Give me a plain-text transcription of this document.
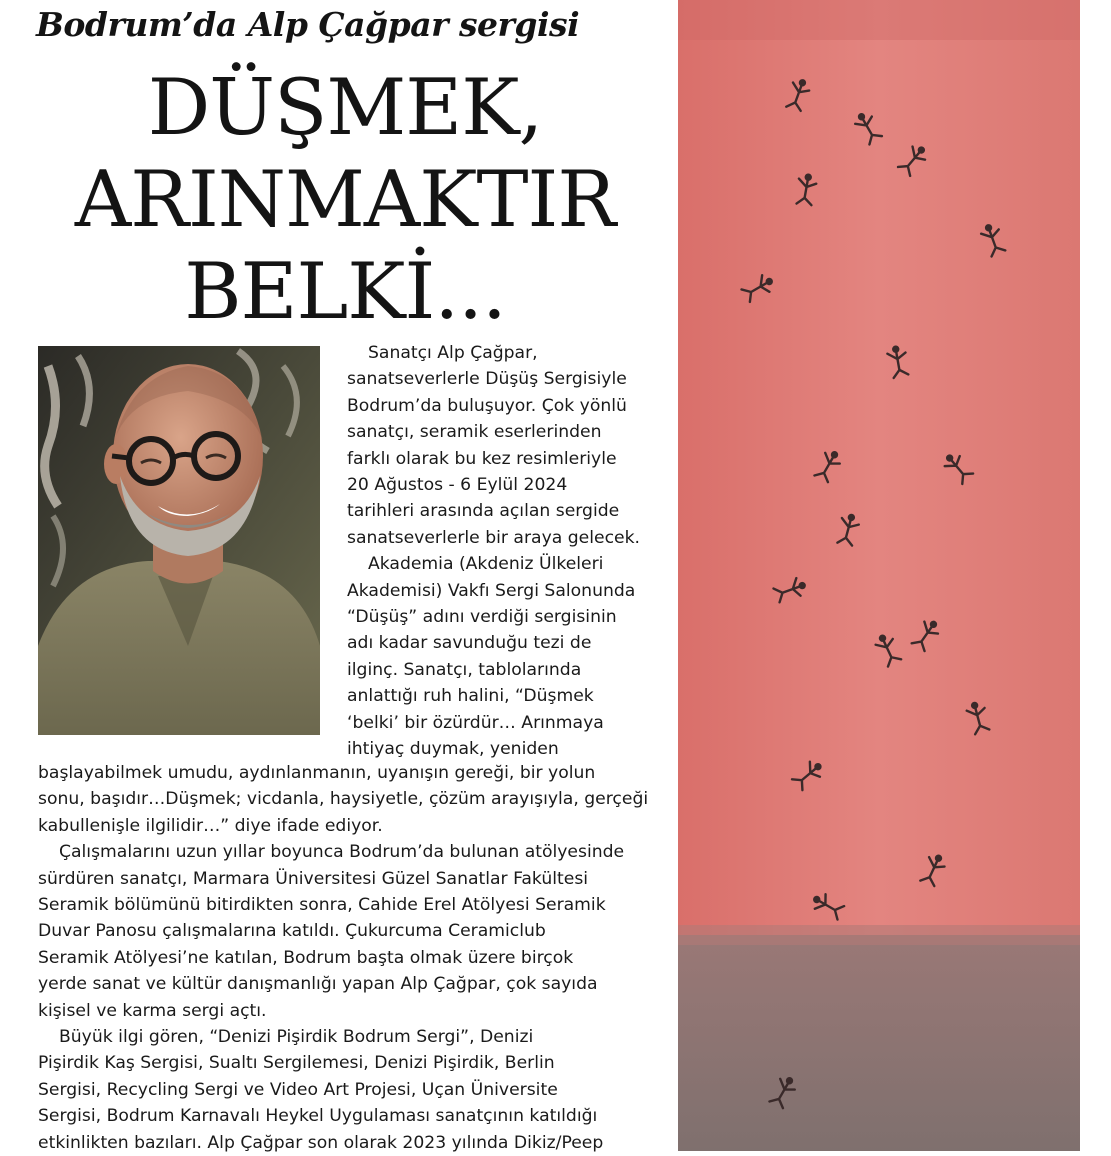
Bodrum’da Alp Çağpar sergisi
DÜŞMEK,
ARINMAKTIR
BELKİ...
Sanatçı Alp Çağpar,
sanatseverlerle Düşüş Sergisiyle
Bodrum’da buluşuyor. Çok yönlü
sanatçı, seramik eserlerinden
farklı olarak bu kez resimleriyle
20 Ağustos - 6 Eylül 2024
tarihleri arasında açılan sergide
sanatseverlerle bir araya gelecek.
Akademia (Akdeniz Ülkeleri
Akademisi) Vakfı Sergi Salonunda
“Düşüş” adını verdiği sergisinin
adı kadar savunduğu tezi de
ilginç. Sanatçı, tablolarında
anlattığı ruh halini, “Düşmek
‘belki’ bir özürdür… Arınmaya
ihtiyaç duymak, yeniden
başlayabilmek umudu, aydınlanmanın, uyanışın gereği, bir yolun
sonu, başıdır…Düşmek; vicdanla, haysiyetle, çözüm arayışıyla, gerçeği
kabullenişle ilgilidir…” diye ifade ediyor.
Çalışmalarını uzun yıllar boyunca Bodrum’da bulunan atölyesinde
sürdüren sanatçı, Marmara Üniversitesi Güzel Sanatlar Fakültesi
Seramik bölümünü bitirdikten sonra, Cahide Erel Atölyesi Seramik
Duvar Panosu çalışmalarına katıldı. Çukurcuma Ceramiclub
Seramik Atölyesi’ne katılan, Bodrum başta olmak üzere birçok
yerde sanat ve kültür danışmanlığı yapan Alp Çağpar, çok sayıda
kişisel ve karma sergi açtı.
Büyük ilgi gören, “Denizi Pişirdik Bodrum Sergi”, Denizi
Pişirdik Kaş Sergisi, Sualtı Sergilemesi, Denizi Pişirdik, Berlin
Sergisi, Recycling Sergi ve Video Art Projesi, Uçan Üniversite
Sergisi, Bodrum Karnavalı Heykel Uygulaması sanatçının katıldığı
etkinlikten bazıları. Alp Çağpar son olarak 2023 yılında Dikiz/Peep
